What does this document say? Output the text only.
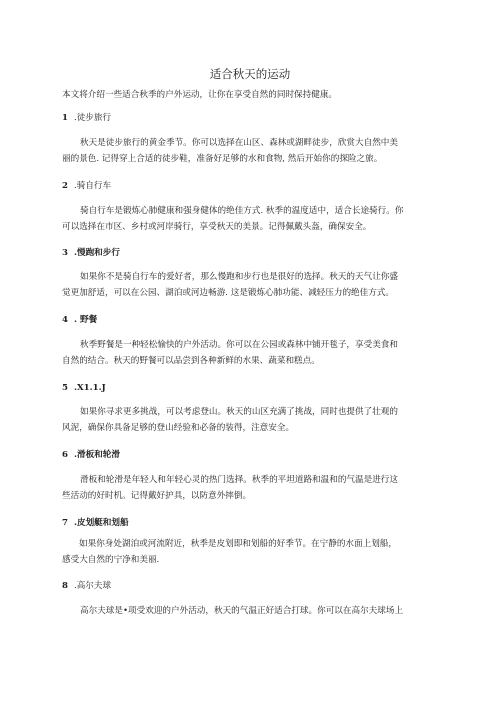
适合秋天的运动
本文将介绍一些适合秋季的户外运动，让你在享受自然的同时保持健康。
1 .徒步旅行
秋天是徒步旅行的黄金季节。你可以选择在山区、森林或湖畔徒步，欣赏大自然中美
丽的景色. 记得穿上合适的徒步鞋，准备好足够的水和食物, 然后开始你的探险之旅。
2 .骑自行车
骑自行车是锻炼心肺健康和强身健体的绝佳方式. 秋季的温度适中，适合长途骑行。你
可以选择在市区、乡村或河岸骑行，享受秋天的美景。记得佩戴头盔，确保安全。
3 .慢跑和步行
如果你不是骑自行车的爱好者，那么慢跑和步行也是很好的选择。秋天的天气让你盛
觉更加舒适，可以在公园、湖泊或河边畅游. 这是锻炼心肺功能、减轻压力的绝佳方式。
4 . 野餐
秋季野餐是一种轻松愉快的户外活动。你可以在公园或森林中铺开毯子，享受美食和
自然的结合。秋天的野餐可以品尝到各种新鲜的水果、蔬菜和糕点。
5 .X1.1.J
如果你寻求更多挑战，可以考虑登山。秋天的山区充满了挑战，同时也提供了壮观的
风泥，确保你具备足够的登山经验和必备的装得，注意安全。
6 .滑板和轮滑
滑板和轮滑是年轻人和年轻心灵的热门选择。秋季的平坦道路和温和的气温是进行这
些活动的好时机。记得戴好护具，以防意外摔倒。
7 .皮划艇和划船
如果你身处湖泊或河流附近，秋季是皮划即和划船的好季节。在宁静的水面上划船，
感受大自然的宁净和美丽.
8 .高尔夫球
高尔夫球是•项受欢迎的户外活动，秋天的气温正好适合打球。你可以在高尔夫球场上
